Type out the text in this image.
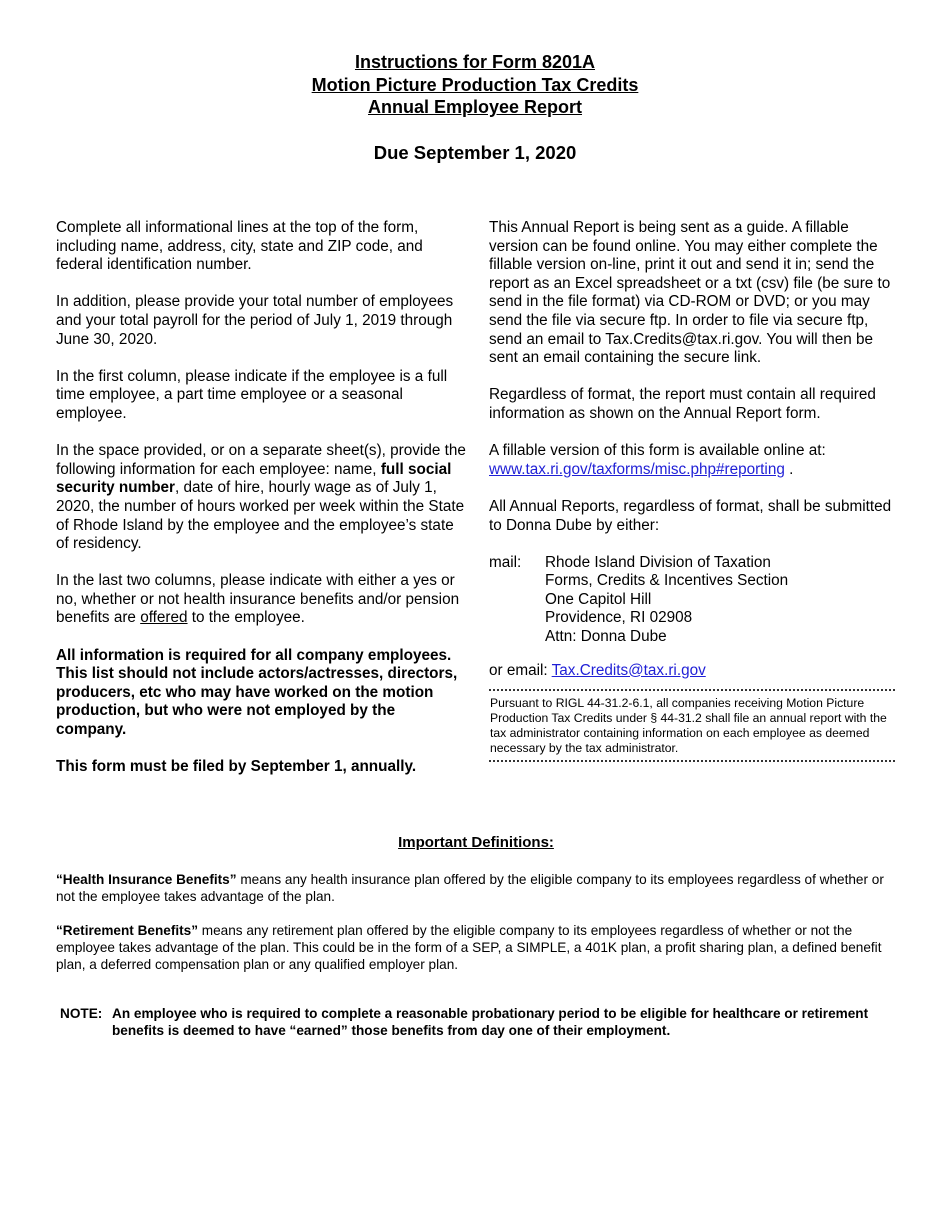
Instructions for Form 8201A
Motion Picture Production Tax Credits
Annual Employee Report
Due September 1, 2020

Complete all informational lines at the top of the form, including name, address, city, state and ZIP code, and federal identification number.

In addition, please provide your total number of employees and your total payroll for the period of July 1, 2019 through June 30, 2020.

In the first column, please indicate if the employee is a full time employee, a part time employee or a seasonal employee.

In the space provided, or on a separate sheet(s), provide the following information for each employee: name, full social security number, date of hire, hourly wage as of July 1, 2020, the number of hours worked per week within the State of Rhode Island by the employee and the employee’s state of residency.

In the last two columns, please indicate with either a yes or no, whether or not health insurance benefits and/or pension benefits are offered to the employee.

All information is required for all company employees. This list should not include actors/actresses, directors, producers, etc who may have worked on the motion production, but who were not employed by the company.

This form must be filed by September 1, annually.

This Annual Report is being sent as a guide. A fillable version can be found online. You may either complete the fillable version on-line, print it out and send it in; send the report as an Excel spreadsheet or a txt (csv) file (be sure to send in the file format) via CD-ROM or DVD; or you may send the file via secure ftp. In order to file via secure ftp, send an email to Tax.Credits@tax.ri.gov. You will then be sent an email containing the secure link.

Regardless of format, the report must contain all required information as shown on the Annual Report form.

A fillable version of this form is available online at:
www.tax.ri.gov/taxforms/misc.php#reporting .

All Annual Reports, regardless of format, shall be submitted to Donna Dube by either:

mail:	Rhode Island Division of Taxation
Forms, Credits & Incentives Section
One Capitol Hill
Providence, RI 02908
Attn: Donna Dube
or email: Tax.Credits@tax.ri.gov
Pursuant to RIGL 44-31.2-6.1, all companies receiving Motion Picture Production Tax Credits under § 44-31.2 shall file an annual report with the tax administrator containing information on each employee as deemed necessary by the tax administrator.
Important Definitions:

“Health Insurance Benefits” means any health insurance plan offered by the eligible company to its employees regardless of whether or not the employee takes advantage of the plan.

“Retirement Benefits” means any retirement plan offered by the eligible company to its employees regardless of whether or not the employee takes advantage of the plan. This could be in the form of a SEP, a SIMPLE, a 401K plan, a profit sharing plan, a defined benefit plan, a deferred compensation plan or any qualified employer plan.

NOTE: An employee who is required to complete a reasonable probationary period to be eligible for healthcare or retirement benefits is deemed to have “earned” those benefits from day one of their employment.
